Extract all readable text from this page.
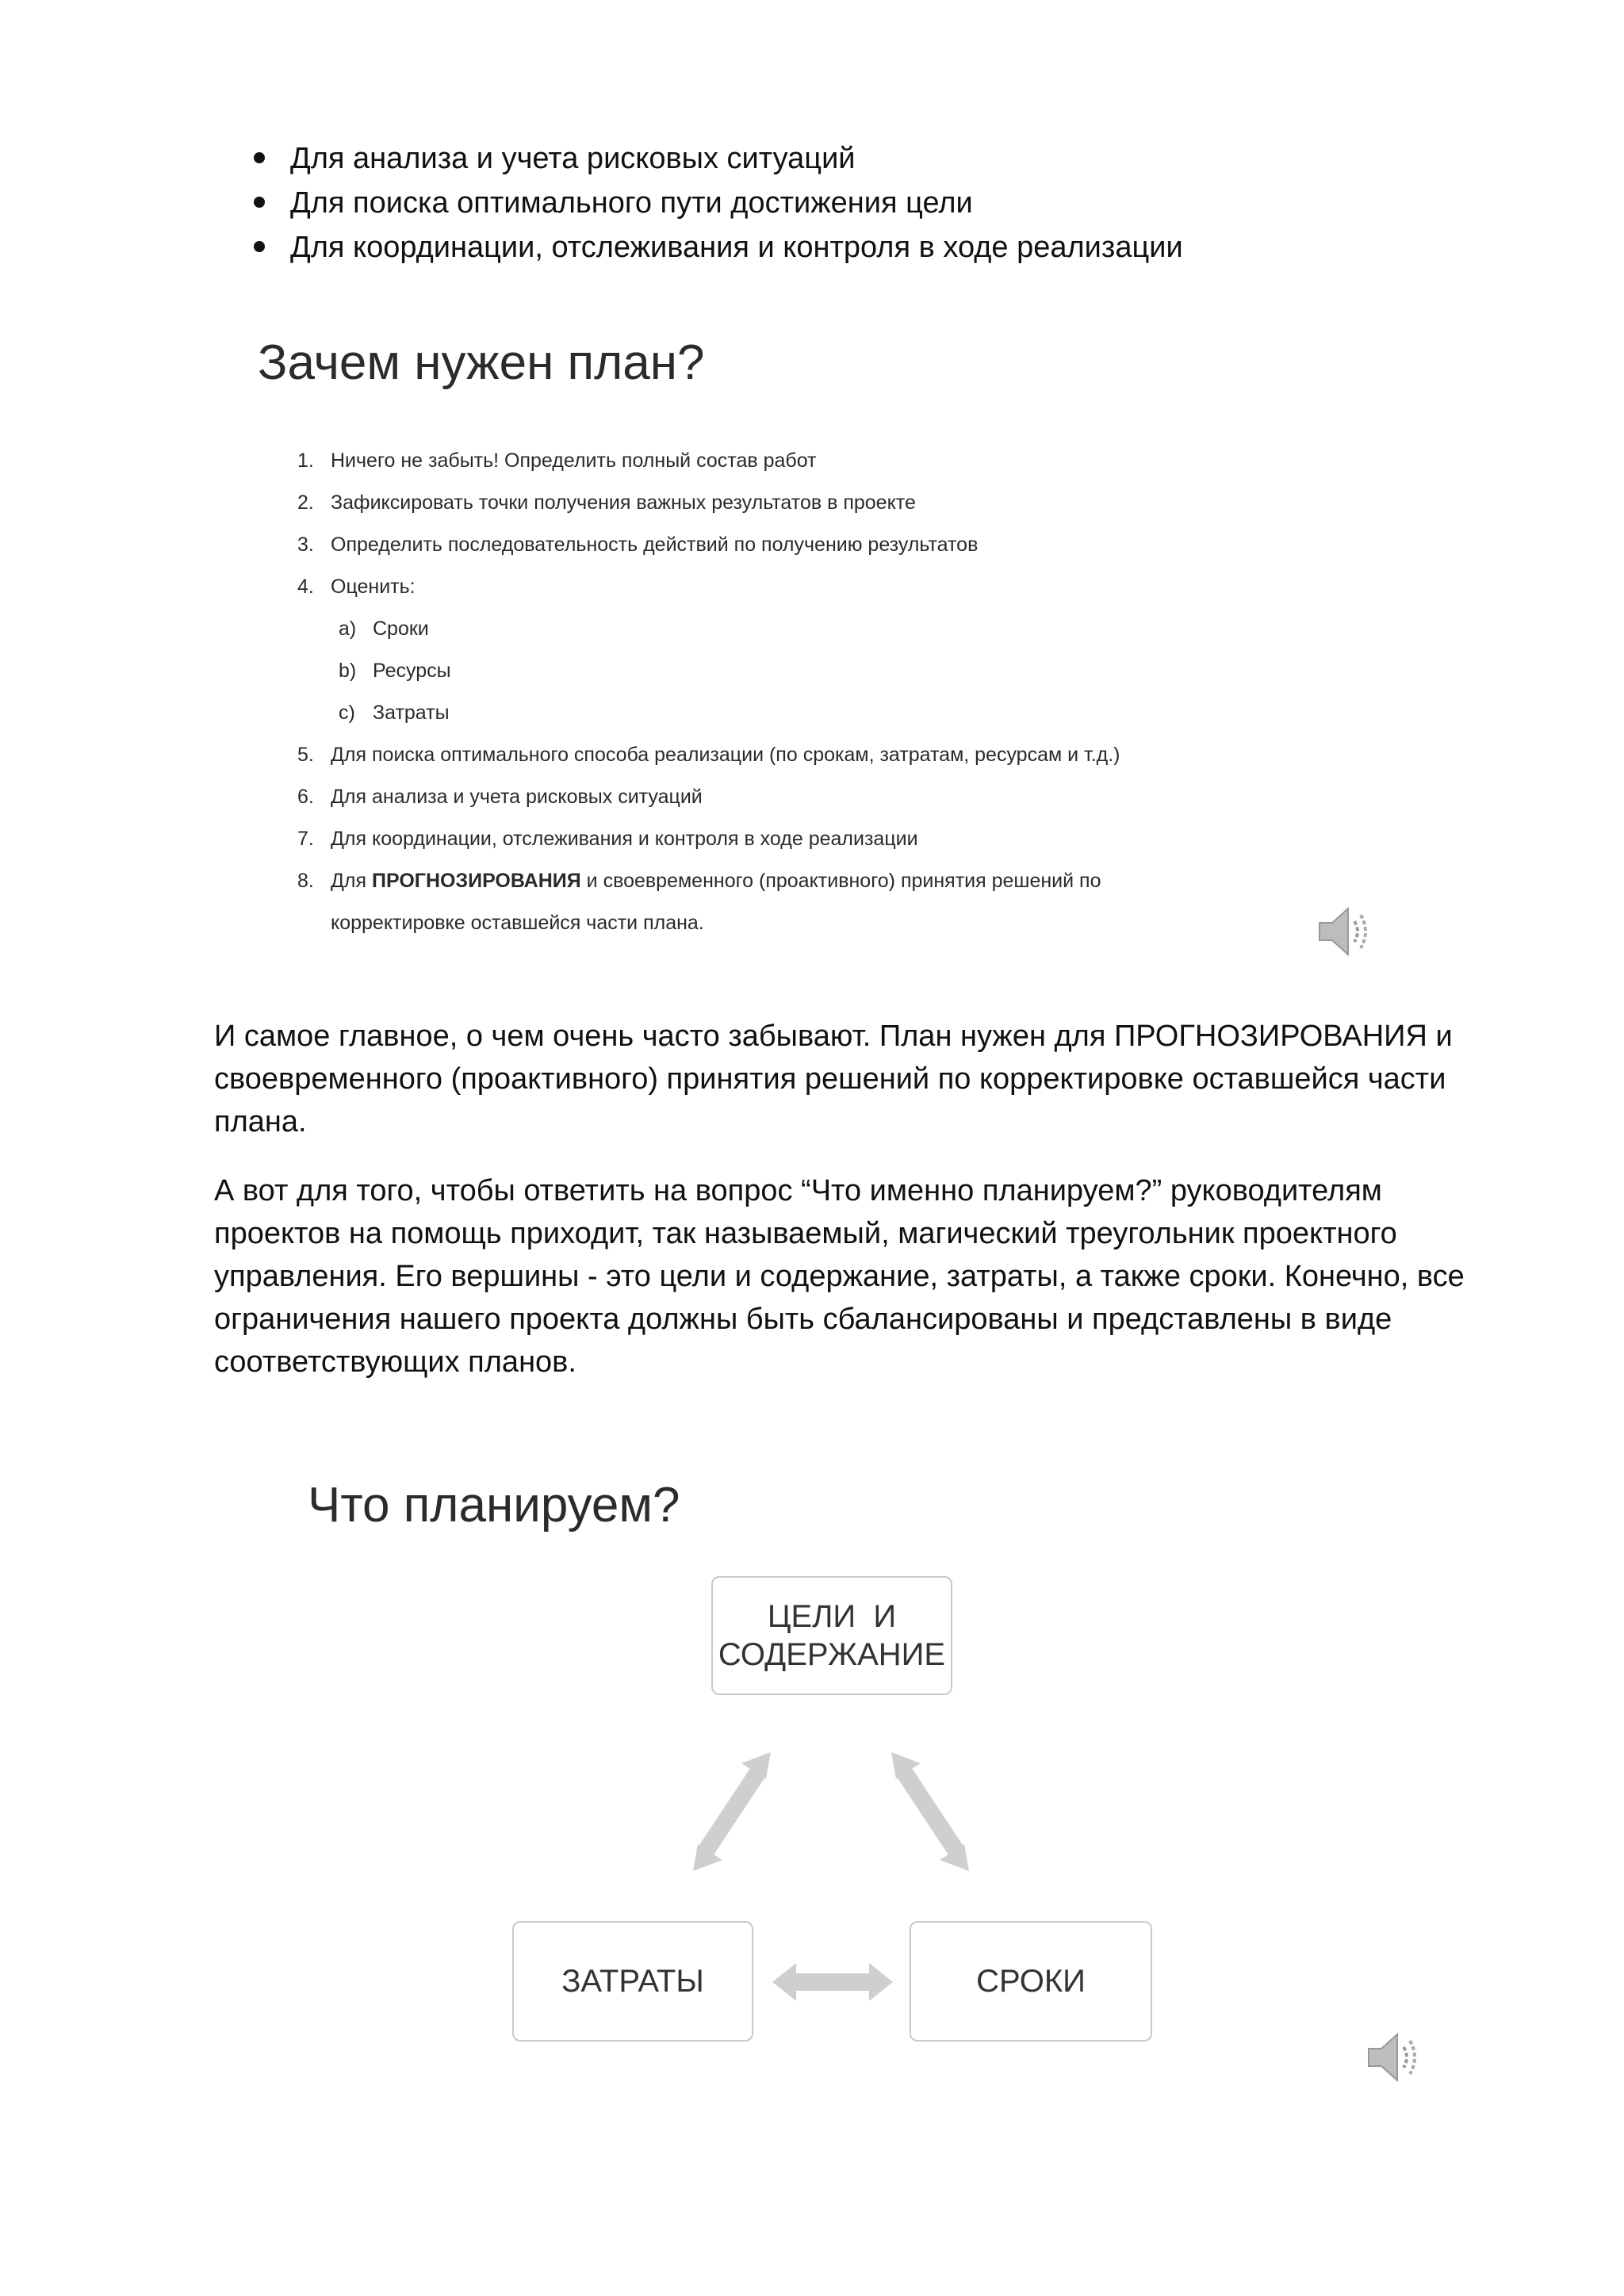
Для анализа и учета рисковых ситуаций
Для поиска оптимального пути достижения цели
Для координации, отслеживания и контроля в ходе реализации
Зачем нужен план?
1. Ничего не забыть! Определить полный состав работ
2. Зафиксировать точки получения важных результатов в проекте
3. Определить последовательность действий по получению результатов
4. Оценить:
a) Сроки
b) Ресурсы
c) Затраты
5. Для поиска оптимального способа реализации (по срокам, затратам, ресурсам и т.д.)
6. Для анализа и учета рисковых ситуаций
7. Для координации, отслеживания и контроля в ходе реализации
8. Для ПРОГНОЗИРОВАНИЯ и своевременного (проактивного) принятия решений по
корректировке оставшейся части плана.

И самое главное, о чем очень часто забывают. План нужен для ПРОГНОЗИРОВАНИЯ и своевременного (проактивного) принятия решений по корректировке оставшейся части плана.

А вот для того, чтобы ответить на вопрос “Что именно планируем?” руководителям проектов на помощь приходит, так называемый, магический треугольник проектного управления. Его вершины - это цели и содержание, затраты, а также сроки. Конечно, все ограничения нашего проекта должны быть сбалансированы и представлены в виде соответствующих планов.

Что планируем?
ЦЕЛИ  И
СОДЕРЖАНИЕ
ЗАТРАТЫ	СРОКИ
